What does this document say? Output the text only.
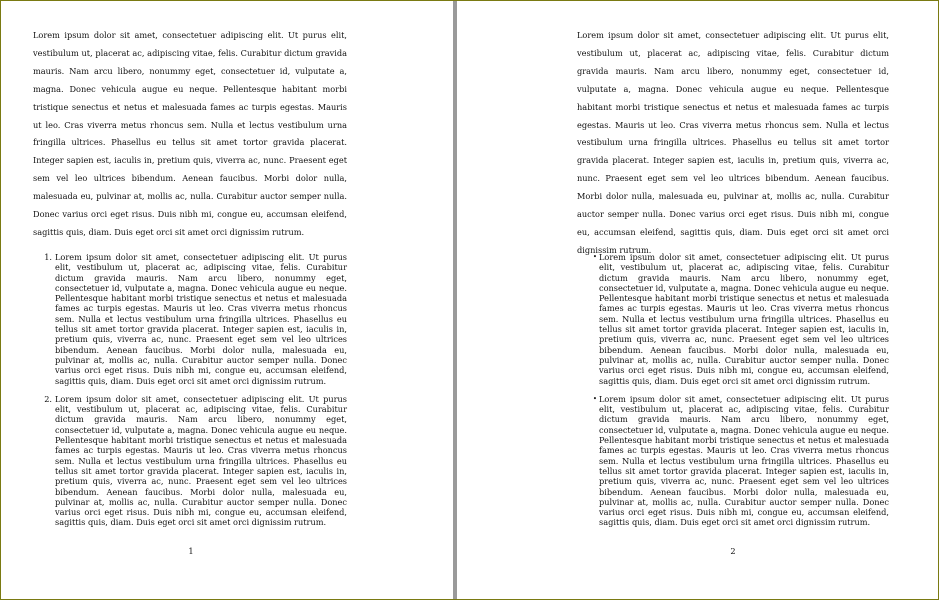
Lorem ipsum dolor sit amet, consectetuer adipiscing elit. Ut purus elit, vestibulum ut, placerat ac, adipiscing vitae, felis. Curabitur dictum gravida mauris. Nam arcu libero, nonummy eget, consectetuer id, vulputate a, magna. Donec vehicula augue eu neque. Pellentesque habitant morbi tristique senectus et netus et malesuada fames ac turpis egestas. Mauris ut leo. Cras viverra metus rhoncus sem. Nulla et lectus vestibulum urna fringilla ultrices. Phasellus eu tellus sit amet tortor gravida placerat. Integer sapien est, iaculis in, pretium quis, viverra ac, nunc. Praesent eget sem vel leo ultrices bibendum. Aenean faucibus. Morbi dolor nulla, malesuada eu, pulvinar at, mollis ac, nulla. Curabitur auctor semper nulla. Donec varius orci eget risus. Duis nibh mi, congue eu, accumsan eleifend, sagittis quis, diam. Duis eget orci sit amet orci dignissim rutrum.

1. Lorem ipsum dolor sit amet, consectetuer adipiscing elit. Ut purus elit, vestibulum ut, placerat ac, adipiscing vitae, felis. Curabitur dictum gravida mauris. Nam arcu libero, nonummy eget, consectetuer id, vulputate a, magna. Donec vehicula augue eu neque. Pellentesque habitant morbi tristique senectus et netus et malesuada fames ac turpis egestas. Mauris ut leo. Cras viverra metus rhoncus sem. Nulla et lectus vestibulum urna fringilla ultrices. Phasellus eu tellus sit amet tortor gravida placerat. Integer sapien est, iaculis in, pretium quis, viverra ac, nunc. Praesent eget sem vel leo ultrices bibendum. Aenean faucibus. Morbi dolor nulla, malesuada eu, pulvinar at, mollis ac, nulla. Curabitur auctor semper nulla. Donec varius orci eget risus. Duis nibh mi, congue eu, accumsan eleifend, sagittis quis, diam. Duis eget orci sit amet orci dignissim rutrum.
2. Lorem ipsum dolor sit amet, consectetuer adipiscing elit. Ut purus elit, vestibulum ut, placerat ac, adipiscing vitae, felis. Curabitur dictum gravida mauris. Nam arcu libero, nonummy eget, consectetuer id, vulputate a, magna. Donec vehicula augue eu neque. Pellentesque habitant morbi tristique senectus et netus et malesuada fames ac turpis egestas. Mauris ut leo. Cras viverra metus rhoncus sem. Nulla et lectus vestibulum urna fringilla ultrices. Phasellus eu tellus sit amet tortor gravida placerat. Integer sapien est, iaculis in, pretium quis, viverra ac, nunc. Praesent eget sem vel leo ultrices bibendum. Aenean faucibus. Morbi dolor nulla, malesuada eu, pulvinar at, mollis ac, nulla. Curabitur auctor semper nulla. Donec varius orci eget risus. Duis nibh mi, congue eu, accumsan eleifend, sagittis quis, diam. Duis eget orci sit amet orci dignissim rutrum.
1

Lorem ipsum dolor sit amet, consectetuer adipiscing elit. Ut purus elit, vestibulum ut, placerat ac, adipiscing vitae, felis. Curabitur dictum gravida mauris. Nam arcu libero, nonummy eget, consectetuer id, vulputate a, magna. Donec vehicula augue eu neque. Pellentesque habitant morbi tristique senectus et netus et malesuada fames ac turpis egestas. Mauris ut leo. Cras viverra metus rhoncus sem. Nulla et lectus vestibulum urna fringilla ultrices. Phasellus eu tellus sit amet tortor gravida placerat. Integer sapien est, iaculis in, pretium quis, viverra ac, nunc. Praesent eget sem vel leo ultrices bibendum. Aenean faucibus. Morbi dolor nulla, malesuada eu, pulvinar at, mollis ac, nulla. Curabitur auctor semper nulla. Donec varius orci eget risus. Duis nibh mi, congue eu, accumsan eleifend, sagittis quis, diam. Duis eget orci sit amet orci dignissim rutrum.

• Lorem ipsum dolor sit amet, consectetuer adipiscing elit. Ut purus elit, vestibulum ut, placerat ac, adipiscing vitae, felis. Curabitur dictum gravida mauris. Nam arcu libero, nonummy eget, consectetuer id, vulputate a, magna. Donec vehicula augue eu neque. Pellentesque habitant morbi tristique senectus et netus et malesuada fames ac turpis egestas. Mauris ut leo. Cras viverra metus rhoncus sem. Nulla et lectus vestibulum urna fringilla ultrices. Phasellus eu tellus sit amet tortor gravida placerat. Integer sapien est, iaculis in, pretium quis, viverra ac, nunc. Praesent eget sem vel leo ultrices bibendum. Aenean faucibus. Morbi dolor nulla, malesuada eu, pulvinar at, mollis ac, nulla. Curabitur auctor semper nulla. Donec varius orci eget risus. Duis nibh mi, congue eu, accumsan eleifend, sagittis quis, diam. Duis eget orci sit amet orci dignissim rutrum.
• Lorem ipsum dolor sit amet, consectetuer adipiscing elit. Ut purus elit, vestibulum ut, placerat ac, adipiscing vitae, felis. Curabitur dictum gravida mauris. Nam arcu libero, nonummy eget, consectetuer id, vulputate a, magna. Donec vehicula augue eu neque. Pellentesque habitant morbi tristique senectus et netus et malesuada fames ac turpis egestas. Mauris ut leo. Cras viverra metus rhoncus sem. Nulla et lectus vestibulum urna fringilla ultrices. Phasellus eu tellus sit amet tortor gravida placerat. Integer sapien est, iaculis in, pretium quis, viverra ac, nunc. Praesent eget sem vel leo ultrices bibendum. Aenean faucibus. Morbi dolor nulla, malesuada eu, pulvinar at, mollis ac, nulla. Curabitur auctor semper nulla. Donec varius orci eget risus. Duis nibh mi, congue eu, accumsan eleifend, sagittis quis, diam. Duis eget orci sit amet orci dignissim rutrum.
2
